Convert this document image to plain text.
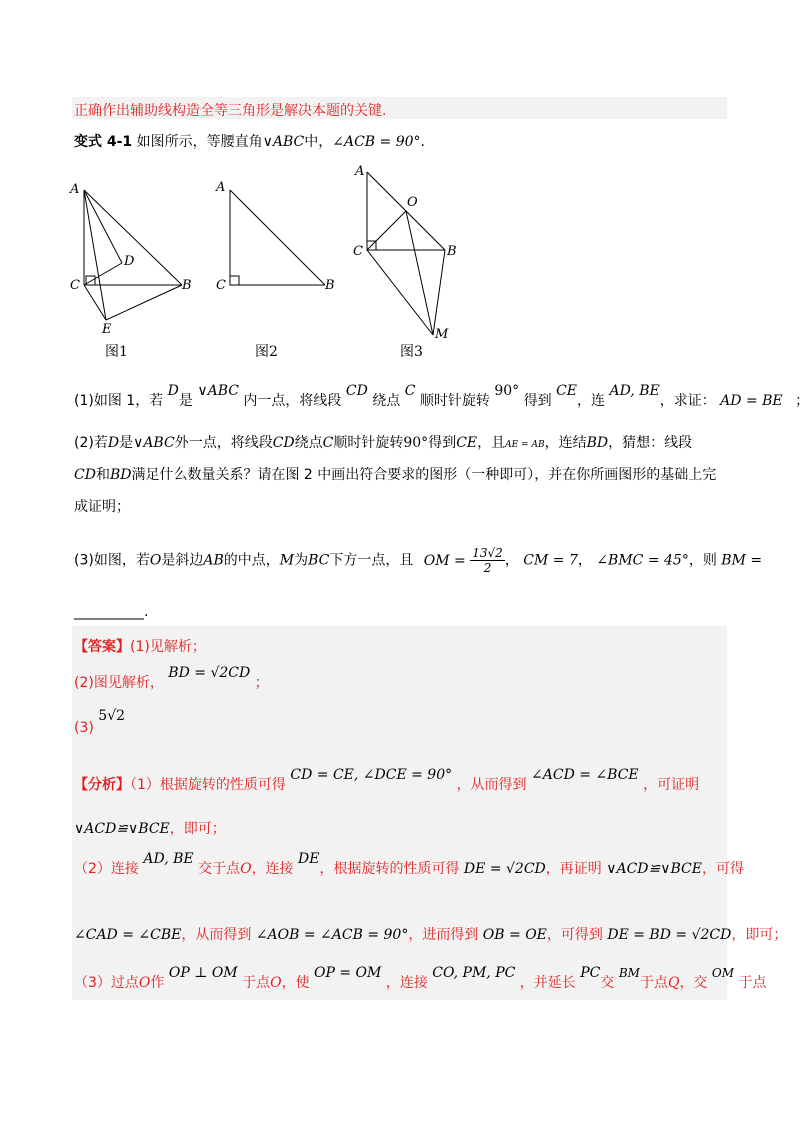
正确作出辅助线构造全等三角形是解决本题的关键.
变式 4-1 如图所示，等腰直角∨ABC中，∠ACB = 90°.
A
D
C	B
E
图1
A
C	B
图2
A
O
C	B
M
图3
(1)如图 1，若 D是 ∨ABC 内一点，将线段 CD 绕点 C 顺时针旋转 90° 得到 CE，连 AD, BE，求证： AD = BE ；
(2)若D是∨ABC外一点，将线段CD绕点C顺时针旋转90°得到CE，且AE = AB，连结BD，猜想：线段
CD和BD满足什么数量关系？请在图 2 中画出符合要求的图形（一种即可），并在你所画图形的基础上完
成证明；
(3)如图，若O是斜边AB的中点，M为BC下方一点，且 OM = $\frac{13√2}{2}$， CM = 7， ∠BMC = 45°，则 BM =
__________.
【答案】(1)见解析；
(2)图见解析， BD = √2CD ；
(3) 5√2
【分析】（1）根据旋转的性质可得 CD = CE, ∠DCE = 90° ，从而得到 ∠ACD = ∠BCE ，可证明
∨ACD≌∨BCE，即可；
（2）连接 AD, BE 交于点O，连接 DE，根据旋转的性质可得 DE = √2CD，再证明 ∨ACD≌∨BCE，可得
∠CAD = ∠CBE，从而得到 ∠AOB = ∠ACB = 90°，进而得到 OB = OE，可得到 DE = BD = √2CD，即可；
（3）过点O作 OP ⊥ OM 于点O，使 OP = OM ，连接 CO, PM, PC ，并延长 PC交 BM于点Q，交 OM 于点
